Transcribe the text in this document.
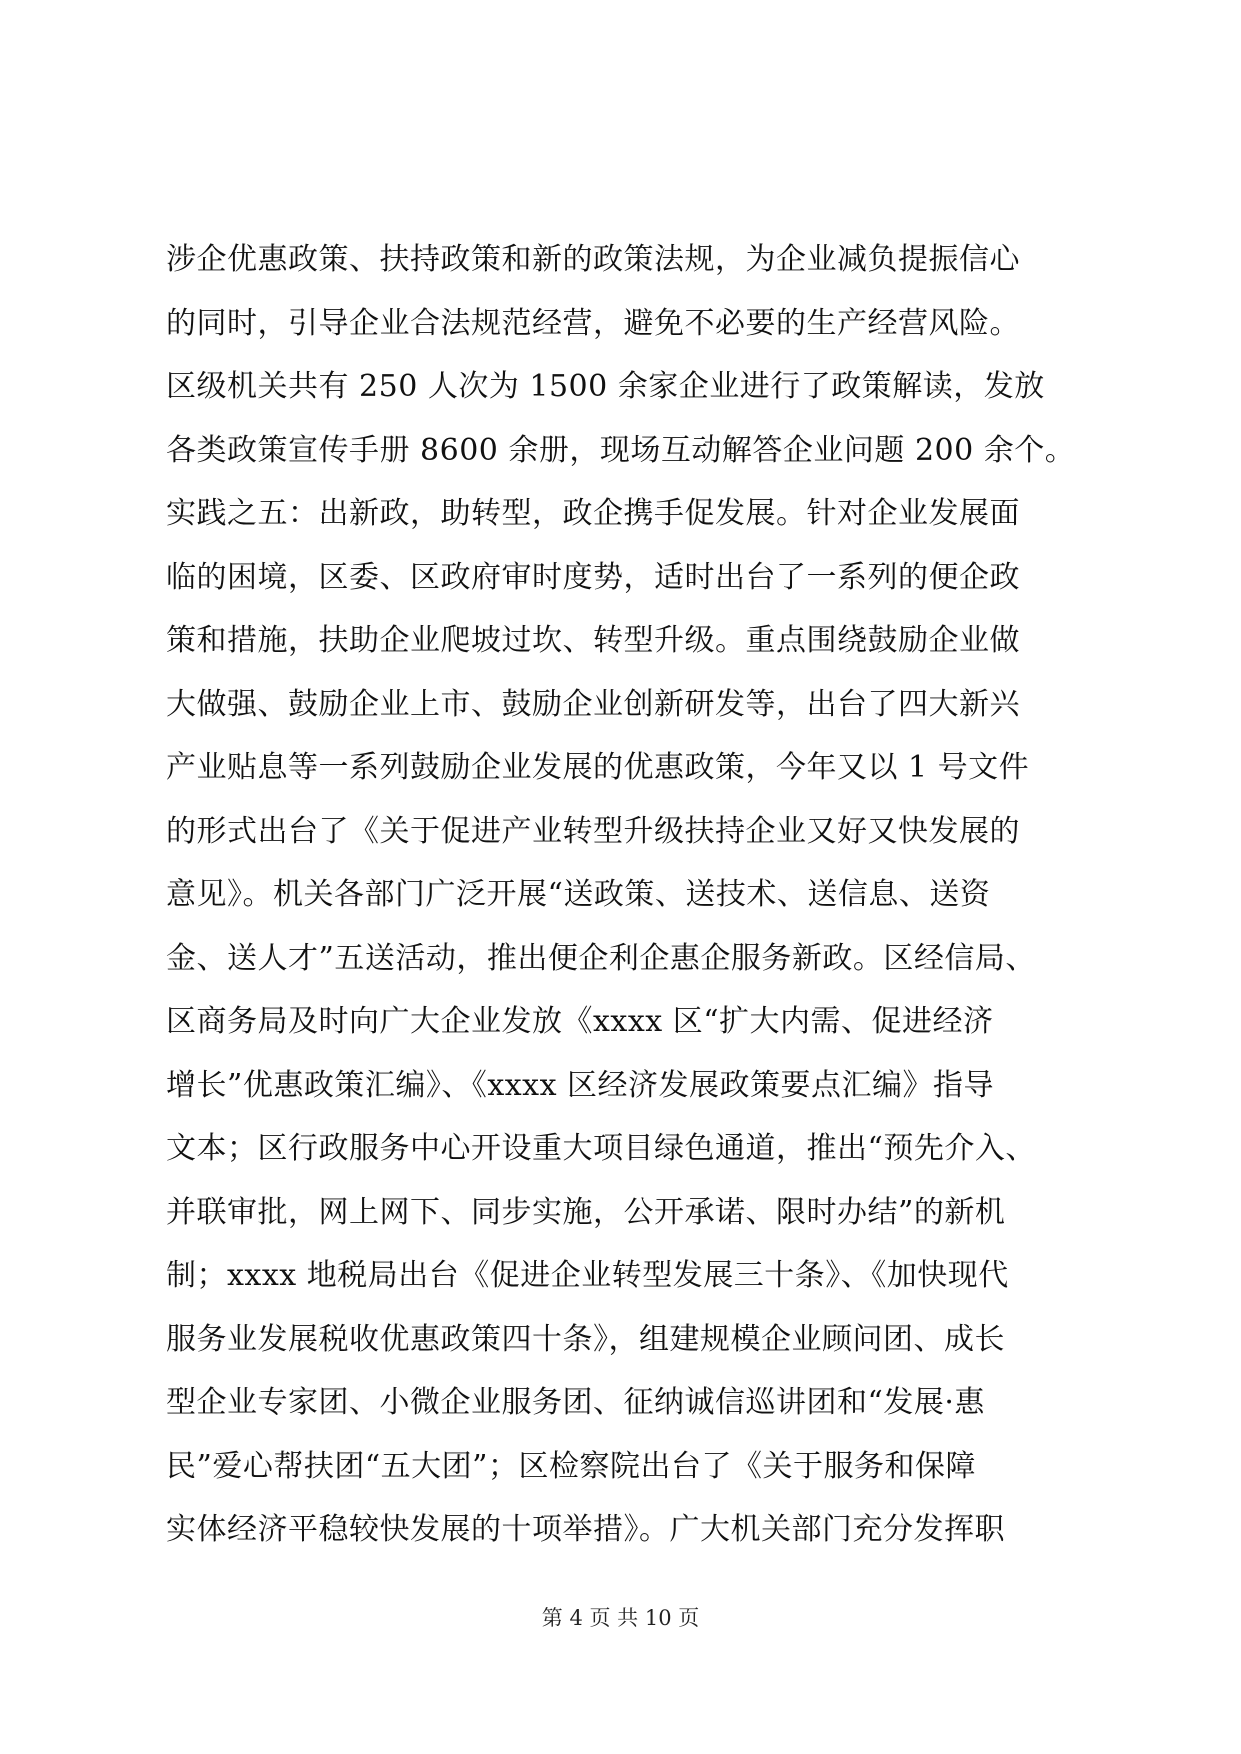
涉企优惠政策、扶持政策和新的政策法规，为企业减负提振信心
的同时，引导企业合法规范经营，避免不必要的生产经营风险。
区级机关共有 250 人次为 1500 余家企业进行了政策解读，发放
各类政策宣传手册 8600 余册，现场互动解答企业问题 200 余个。
实践之五：出新政，助转型，政企携手促发展。针对企业发展面
临的困境，区委、区政府审时度势，适时出台了一系列的便企政
策和措施，扶助企业爬坡过坎、转型升级。重点围绕鼓励企业做
大做强、鼓励企业上市、鼓励企业创新研发等，出台了四大新兴
产业贴息等一系列鼓励企业发展的优惠政策，今年又以 1 号文件
的形式出台了《关于促进产业转型升级扶持企业又好又快发展的
意见》。机关各部门广泛开展“送政策、送技术、送信息、送资
金、送人才”五送活动，推出便企利企惠企服务新政。区经信局、
区商务局及时向广大企业发放《xxxx 区“扩大内需、促进经济
增长”优惠政策汇编》、《xxxx 区经济发展政策要点汇编》指导
文本；区行政服务中心开设重大项目绿色通道，推出“预先介入、
并联审批，网上网下、同步实施，公开承诺、限时办结”的新机
制；xxxx 地税局出台《促进企业转型发展三十条》、《加快现代
服务业发展税收优惠政策四十条》，组建规模企业顾问团、成长
型企业专家团、小微企业服务团、征纳诚信巡讲团和“发展·惠
民”爱心帮扶团“五大团”；区检察院出台了《关于服务和保障
实体经济平稳较快发展的十项举措》。广大机关部门充分发挥职
第 4 页 共 10 页
